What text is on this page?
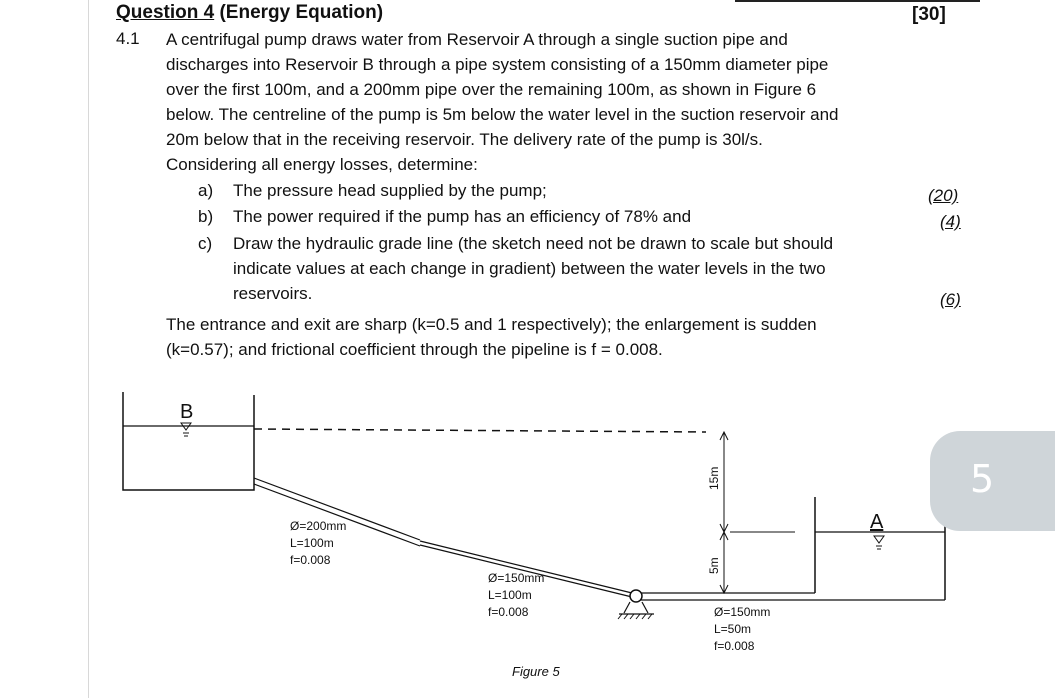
Question 4 (Energy Equation)	[30]
4.1 A centrifugal pump draws water from Reservoir A through a single suction pipe and
discharges into Reservoir B through a pipe system consisting of a 150mm diameter pipe
over the first 100m, and a 200mm pipe over the remaining 100m, as shown in Figure 6
below. The centreline of the pump is 5m below the water level in the suction reservoir and
20m below that in the receiving reservoir. The delivery rate of the pump is 30l/s.
Considering all energy losses, determine:
a) The pressure head supplied by the pump;	(20)
b) The power required if the pump has an efficiency of 78% and	(4)
c) Draw the hydraulic grade line (the sketch need not be drawn to scale but should
indicate values at each change in gradient) between the water levels in the two
reservoirs.	(6)
The entrance and exit are sharp (k=0.5 and 1 respectively); the enlargement is sudden
(k=0.57); and frictional coefficient through the pipeline is f = 0.008.
B
A
15m
5m
Ø=200mm
L=100m
f=0.008
Ø=150mm
L=100m
f=0.008	Ø=150mm
L=50m
f=0.008
Figure 5
5
